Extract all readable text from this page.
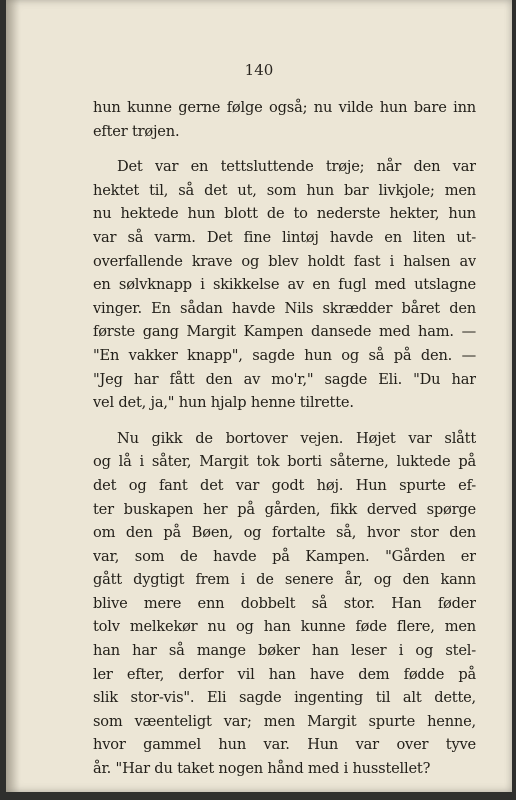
140
hun kunne gerne følge også; nu vilde hun bare inn
efter trøjen.
Det var en tettsluttende trøje; når den var
hektet til, så det ut, som hun bar livkjole; men
nu hektede hun blott de to nederste hekter, hun
var så varm. Det fine lintøj havde en liten ut-
overfallende krave og blev holdt fast i halsen av
en sølvknapp i skikkelse av en fugl med utslagne
vinger. En sådan havde Nils skrædder båret den
første gang Margit Kampen dansede med ham. —
"En vakker knapp", sagde hun og så på den. —
"Jeg har fått den av mo'r," sagde Eli. "Du har
vel det, ja," hun hjalp henne tilrette.
Nu gikk de bortover vejen. Højet var slått
og lå i såter, Margit tok borti såterne, luktede på
det og fant det var godt høj. Hun spurte ef-
ter buskapen her på gården, fikk derved spørge
om den på Bøen, og fortalte så, hvor stor den
var, som de havde på Kampen. "Gården er
gått dygtigt frem i de senere år, og den kann
blive mere enn dobbelt så stor. Han føder
tolv melkekør nu og han kunne føde flere, men
han har så mange bøker han leser i og stel-
ler efter, derfor vil han have dem fødde på
slik stor-vis". Eli sagde ingenting til alt dette,
som væenteligt var; men Margit spurte henne,
hvor gammel hun var. Hun var over tyve
år. "Har du taket nogen hånd med i husstellet?
